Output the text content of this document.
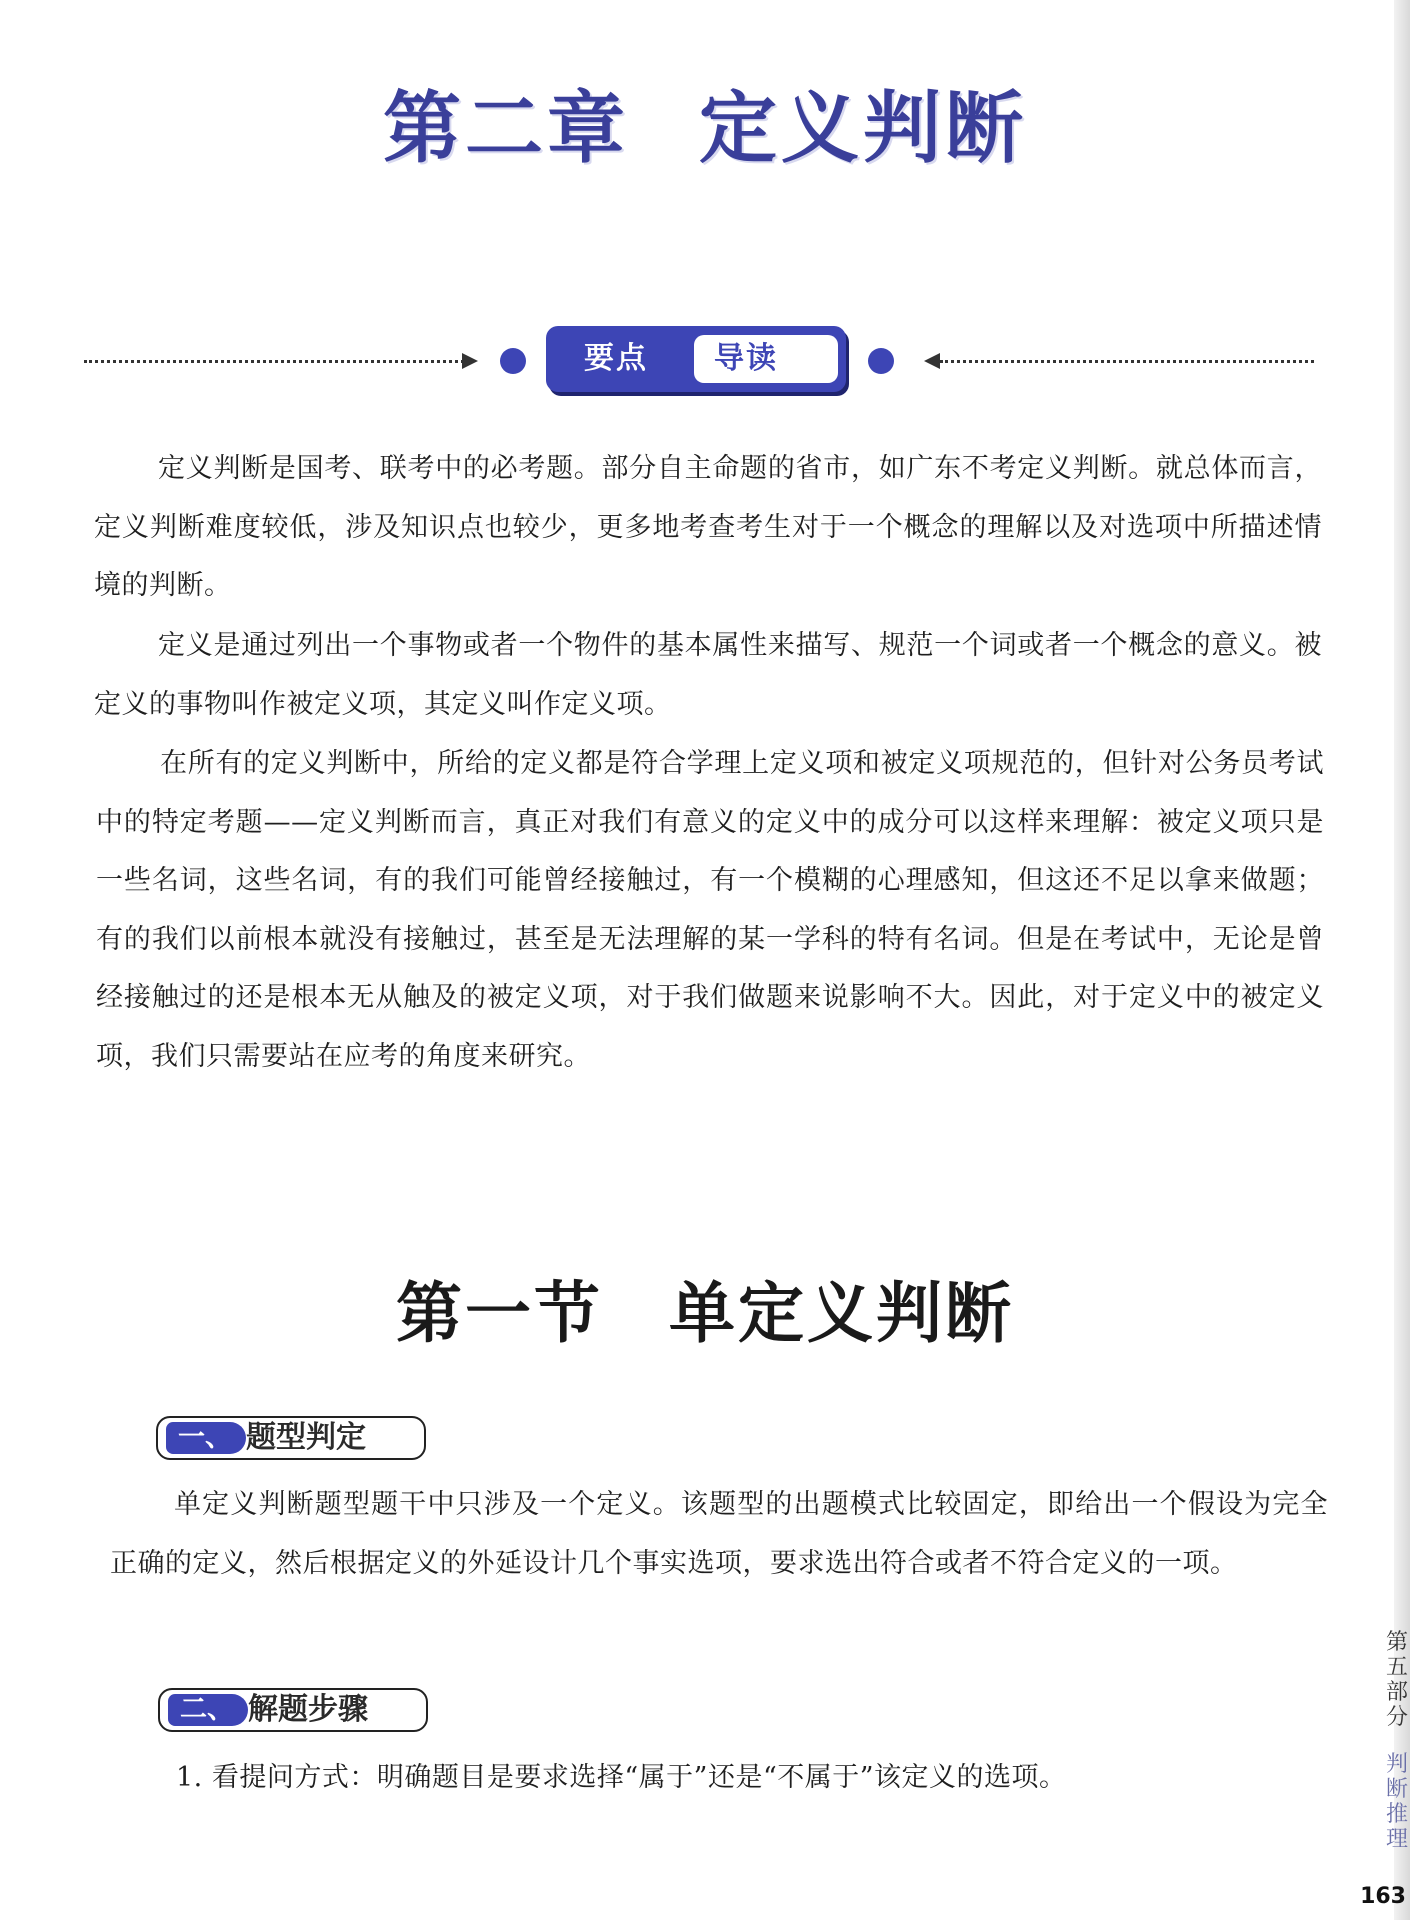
第二章 定义判断
要点	导读

定义判断是国考、联考中的必考题。部分自主命题的省市，如广东不考定义判断。就总体而言，定义判断难度较低，涉及知识点也较少，更多地考查考生对于一个概念的理解以及对选项中所描述情境的判断。

定义是通过列出一个事物或者一个物件的基本属性来描写、规范一个词或者一个概念的意义。被定义的事物叫作被定义项，其定义叫作定义项。

在所有的定义判断中，所给的定义都是符合学理上定义项和被定义项规范的，但针对公务员考试中的特定考题——定义判断而言，真正对我们有意义的定义中的成分可以这样来理解：被定义项只是一些名词，这些名词，有的我们可能曾经接触过，有一个模糊的心理感知，但这还不足以拿来做题；有的我们以前根本就没有接触过，甚至是无法理解的某一学科的特有名词。但是在考试中，无论是曾经接触过的还是根本无从触及的被定义项，对于我们做题来说影响不大。因此，对于定义中的被定义项，我们只需要站在应考的角度来研究。

第一节 单定义判断
一、 题型判定

单定义判断题型题干中只涉及一个定义。该题型的出题模式比较固定，即给出一个假设为完全正确的定义，然后根据定义的外延设计几个事实选项，要求选出符合或者不符合定义的一项。

二、 解题步骤

1. 看提问方式：明确题目是要求选择“属于”还是“不属于”该定义的选项。

第五部分
判断推理
163
